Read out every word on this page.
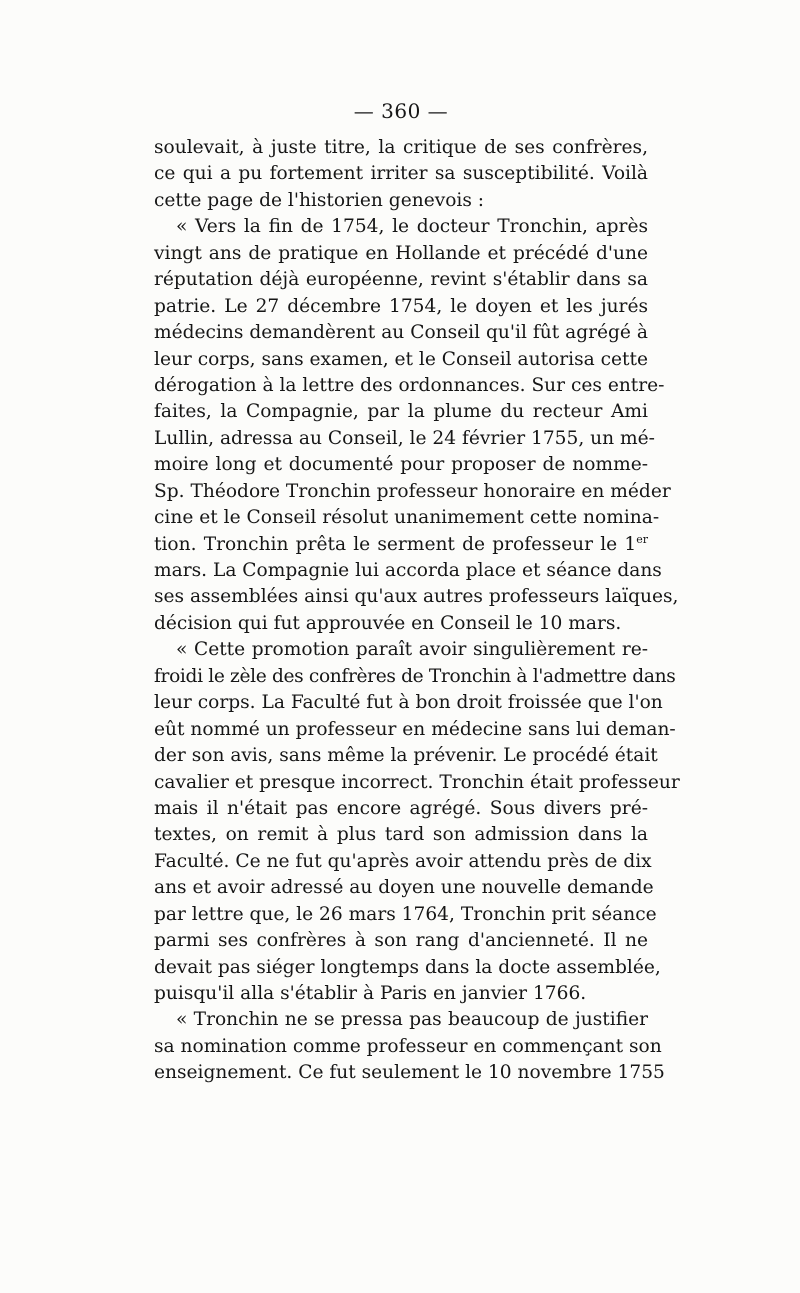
— 360 —
soulevait, à juste titre, la critique de ses confrères,
ce qui a pu fortement irriter sa susceptibilité. Voilà
cette page de l'historien genevois :
« Vers la fin de 1754, le docteur Tronchin, après
vingt ans de pratique en Hollande et précédé d'une
réputation déjà européenne, revint s'établir dans sa
patrie. Le 27 décembre 1754, le doyen et les jurés
médecins demandèrent au Conseil qu'il fût agrégé à
leur corps, sans examen, et le Conseil autorisa cette
dérogation à la lettre des ordonnances. Sur ces entre-
faites, la Compagnie, par la plume du recteur Ami
Lullin, adressa au Conseil, le 24 février 1755, un mé-
moire long et documenté pour proposer de nomme-
Sp. Théodore Tronchin professeur honoraire en méder
cine et le Conseil résolut unanimement cette nomina-
tion. Tronchin prêta le serment de professeur le 1er
mars. La Compagnie lui accorda place et séance dans
ses assemblées ainsi qu'aux autres professeurs laïques,
décision qui fut approuvée en Conseil le 10 mars.
« Cette promotion paraît avoir singulièrement re-
froidi le zèle des confrères de Tronchin à l'admettre dans
leur corps. La Faculté fut à bon droit froissée que l'on
eût nommé un professeur en médecine sans lui deman-
der son avis, sans même la prévenir. Le procédé était
cavalier et presque incorrect. Tronchin était professeur
mais il n'était pas encore agrégé. Sous divers pré-
textes, on remit à plus tard son admission dans la
Faculté. Ce ne fut qu'après avoir attendu près de dix
ans et avoir adressé au doyen une nouvelle demande
par lettre que, le 26 mars 1764, Tronchin prit séance
parmi ses confrères à son rang d'ancienneté. Il ne
devait pas siéger longtemps dans la docte assemblée,
puisqu'il alla s'établir à Paris en janvier 1766.
« Tronchin ne se pressa pas beaucoup de justifier
sa nomination comme professeur en commençant son
enseignement. Ce fut seulement le 10 novembre 1755
